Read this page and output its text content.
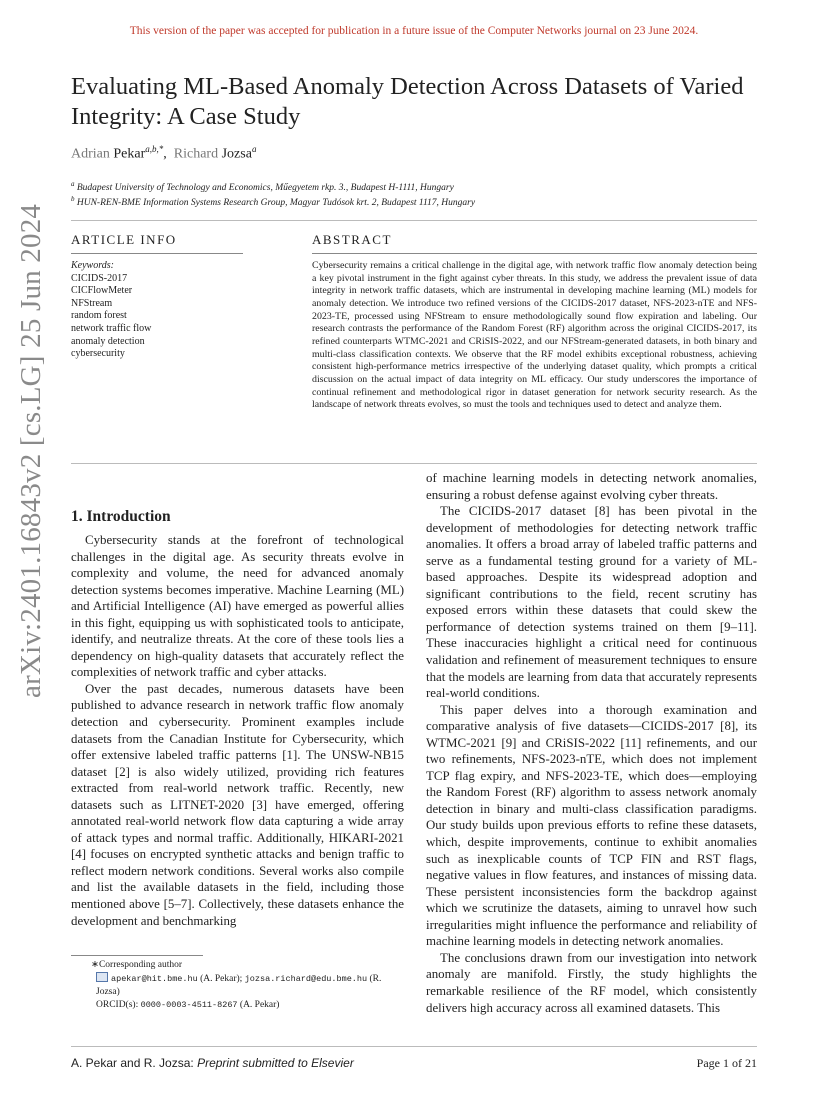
This version of the paper was accepted for publication in a future issue of the Computer Networks journal on 23 June 2024.
arXiv:2401.16843v2 [cs.LG] 25 Jun 2024
Evaluating ML-Based Anomaly Detection Across Datasets of Varied
Integrity: A Case Study
Adrian Pekar$^{a,b,*}$, Richard Jozsa$^a$
$^a$ Budapest University of Technology and Economics, Műegyetem rkp. 3., Budapest H-1111, Hungary
$^b$ HUN-REN-BME Information Systems Research Group, Magyar Tudósok krt. 2, Budapest 1117, Hungary
ARTICLE INFO	ABSTRACT
Keywords:
CICIDS-2017
CICFlowMeter
NFStream
random forest
network traffic flow
anomaly detection
cybersecurity
Cybersecurity remains a critical challenge in the digital age, with network traffic flow anomaly detection being a key pivotal instrument in the fight against cyber threats. In this study, we address the prevalent issue of data integrity in network traffic datasets, which are instrumental in developing machine learning (ML) models for anomaly detection. We introduce two refined versions of the CICIDS-2017 dataset, NFS-2023-nTE and NFS-2023-TE, processed using NFStream to ensure methodologically sound flow expiration and labeling. Our research contrasts the performance of the Random Forest (RF) algorithm across the original CICIDS-2017, its refined counterparts WTMC-2021 and CRiSIS-2022, and our NFStream-generated datasets, in both binary and multi-class classification contexts. We observe that the RF model exhibits exceptional robustness, achieving consistent high-performance metrics irrespective of the underlying dataset quality, which prompts a critical discussion on the actual impact of data integrity on ML efficacy. Our study underscores the importance of continual refinement and methodological rigor in dataset generation for network security research. As the landscape of network threats evolves, so must the tools and techniques used to detect and analyze them.
1. Introduction

Cybersecurity stands at the forefront of technological challenges in the digital age. As security threats evolve in complexity and volume, the need for advanced anomaly detection systems becomes imperative. Machine Learning (ML) and Artificial Intelligence (AI) have emerged as powerful allies in this fight, equipping us with sophisticated tools to anticipate, identify, and neutralize threats. At the core of these tools lies a dependency on high-quality datasets that accurately reflect the complexities of network traffic and cyber attacks.

Over the past decades, numerous datasets have been published to advance research in network traffic flow anomaly detection and cybersecurity. Prominent examples include datasets from the Canadian Institute for Cybersecurity, which offer extensive labeled traffic patterns [1]. The UNSW-NB15 dataset [2] is also widely utilized, providing rich features extracted from real-world network traffic. Recently, new datasets such as LITNET-2020 [3] have emerged, offering annotated real-world network flow data capturing a wide array of attack types and normal traffic. Additionally, HIKARI-2021 [4] focuses on encrypted synthetic attacks and benign traffic to reflect modern network conditions. Several works also compile and list the available datasets in the field, including those mentioned above [5–7]. Collectively, these datasets enhance the development and benchmarking

∗Corresponding author
apekar@hit.bme.hu (A. Pekar); jozsa.richard@edu.bme.hu (R. Jozsa)
ORCID(s): 0000-0003-4511-8267 (A. Pekar)

of machine learning models in detecting network anomalies, ensuring a robust defense against evolving cyber threats.

The CICIDS-2017 dataset [8] has been pivotal in the development of methodologies for detecting network traffic anomalies. It offers a broad array of labeled traffic patterns and serve as a fundamental testing ground for a variety of ML-based approaches. Despite its widespread adoption and significant contributions to the field, recent scrutiny has exposed errors within these datasets that could skew the performance of detection systems trained on them [9–11]. These inaccuracies highlight a critical need for continuous validation and refinement of measurement techniques to ensure that the models are learning from data that accurately represents real-world conditions.

This paper delves into a thorough examination and comparative analysis of five datasets—CICIDS-2017 [8], its WTMC-2021 [9] and CRiSIS-2022 [11] refinements, and our two refinements, NFS-2023-nTE, which does not implement TCP flag expiry, and NFS-2023-TE, which does—employing the Random Forest (RF) algorithm to assess network anomaly detection in binary and multi-class classification paradigms. Our study builds upon previous efforts to refine these datasets, which, despite improvements, continue to exhibit anomalies such as inexplicable counts of TCP FIN and RST flags, negative values in flow features, and instances of missing data. These persistent inconsistencies form the backdrop against which we scrutinize the datasets, aiming to unravel how such irregularities might influence the performance and reliability of machine learning models in detecting network anomalies.

The conclusions drawn from our investigation into network anomaly are manifold. Firstly, the study highlights the remarkable resilience of the RF model, which consistently delivers high accuracy across all examined datasets. This

A. Pekar and R. Jozsa: Preprint submitted to Elsevier	Page 1 of 21
